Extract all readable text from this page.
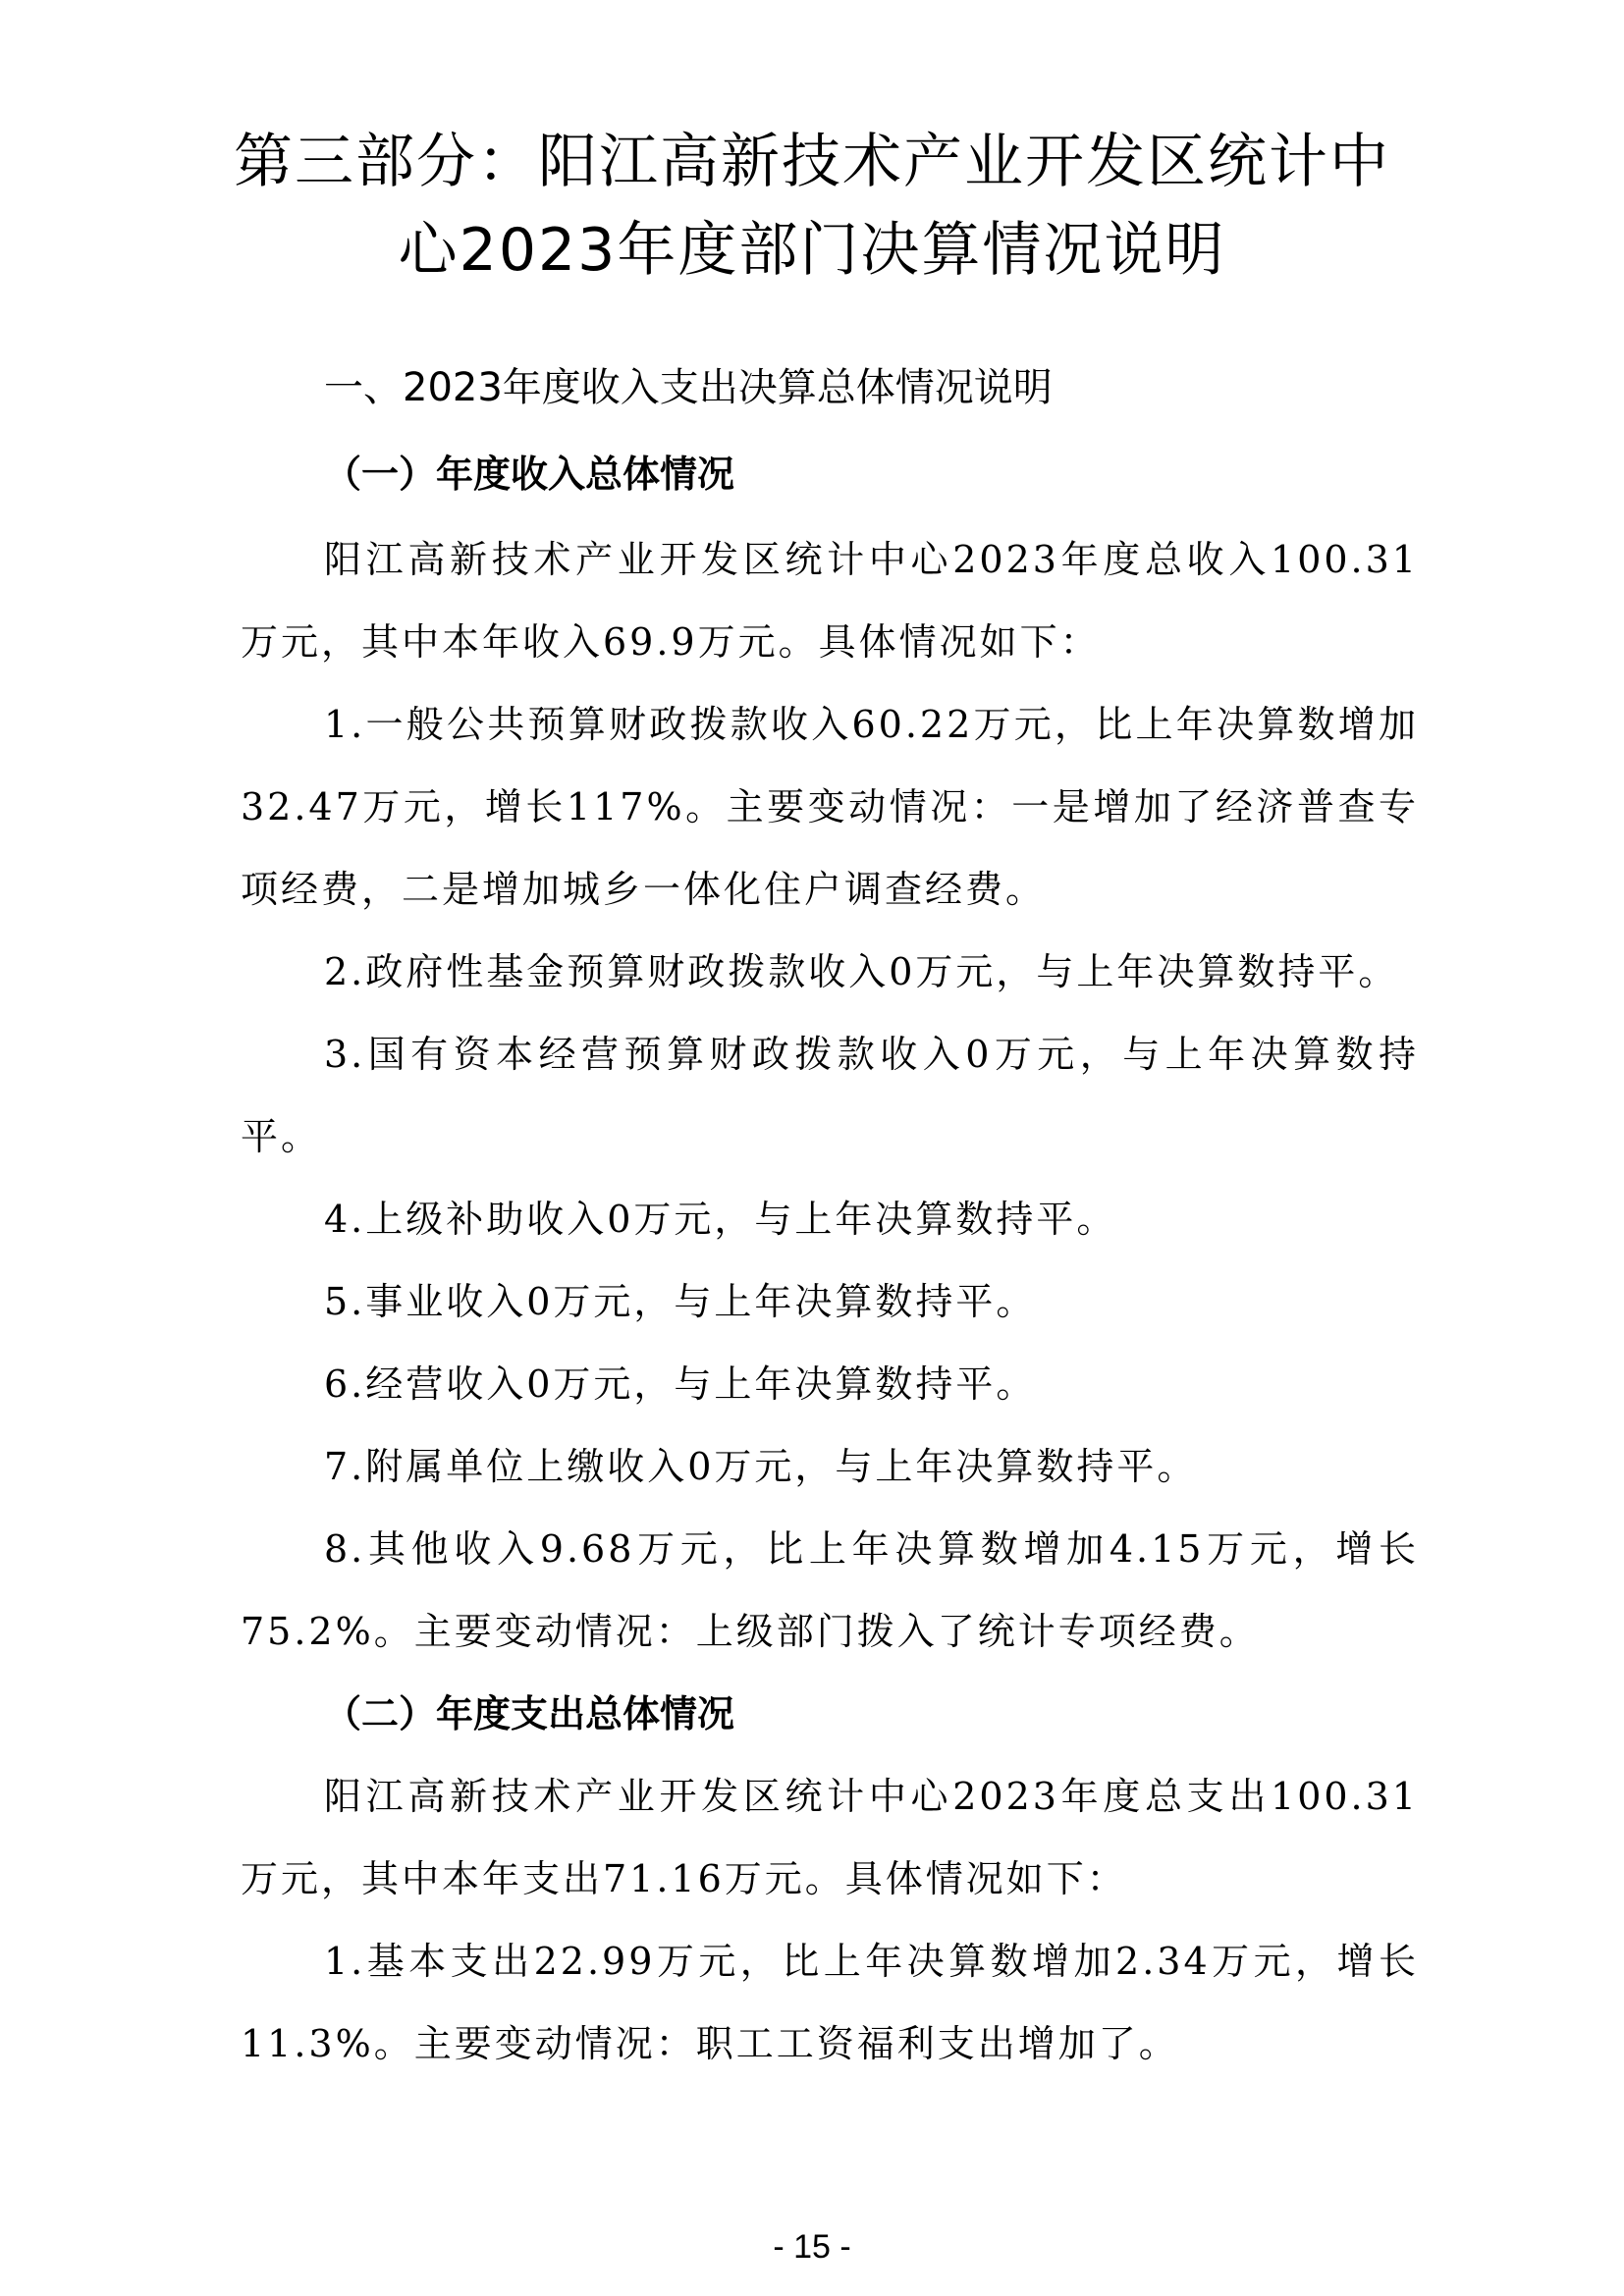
第三部分：阳江高新技术产业开发区统计中
心2023年度部门决算情况说明
一、2023年度收入支出决算总体情况说明
（一）年度收入总体情况
阳江高新技术产业开发区统计中心2023年度总收入100.31万元，其中本年收入69.9万元。具体情况如下：
1.一般公共预算财政拨款收入60.22万元，比上年决算数增加32.47万元，增长117%。主要变动情况：一是增加了经济普查专项经费，二是增加城乡一体化住户调查经费。
2.政府性基金预算财政拨款收入0万元，与上年决算数持平。
3.国有资本经营预算财政拨款收入0万元，与上年决算数持平。
4.上级补助收入0万元，与上年决算数持平。
5.事业收入0万元，与上年决算数持平。
6.经营收入0万元，与上年决算数持平。
7.附属单位上缴收入0万元，与上年决算数持平。
8.其他收入9.68万元，比上年决算数增加4.15万元，增长75.2%。主要变动情况：上级部门拨入了统计专项经费。
（二）年度支出总体情况
阳江高新技术产业开发区统计中心2023年度总支出100.31万元，其中本年支出71.16万元。具体情况如下：
1.基本支出22.99万元，比上年决算数增加2.34万元，增长11.3%。主要变动情况：职工工资福利支出增加了。
- 15 -
